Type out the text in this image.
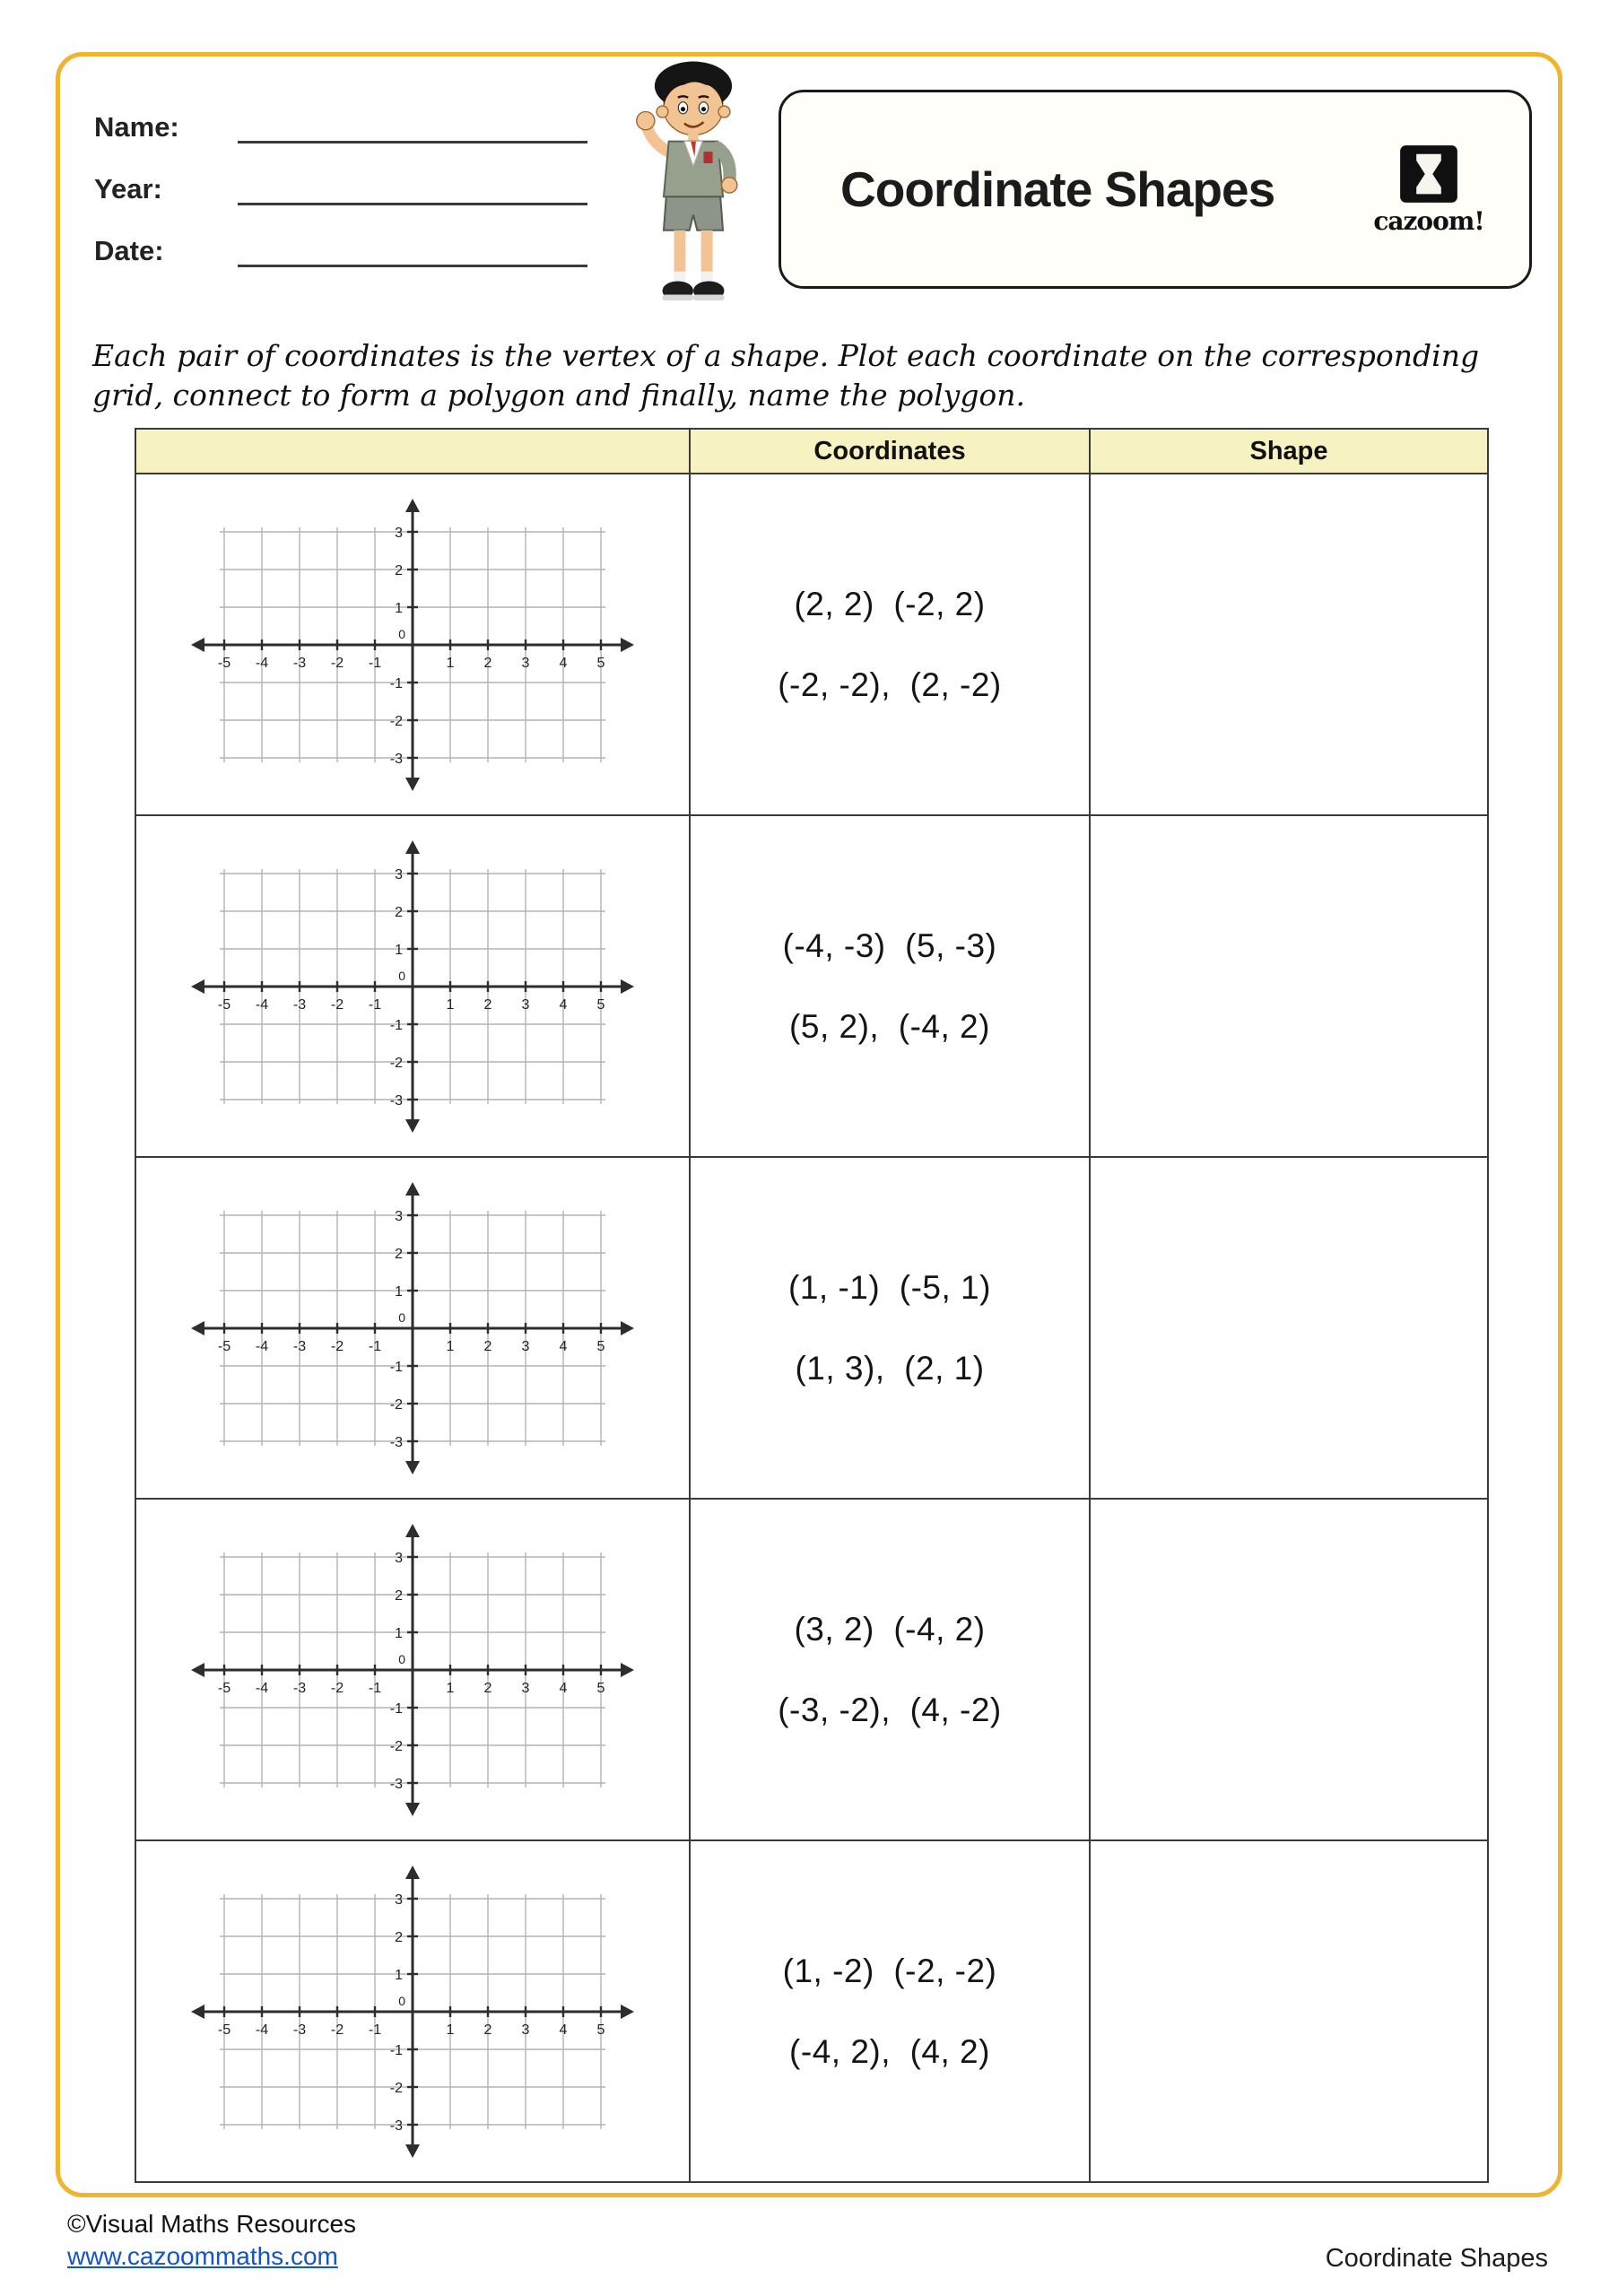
Name:
Year:
Date:
Coordinate Shapes
cazoom!

Each pair of coordinates is the vertex of a shape. Plot each coordinate on the corresponding grid, connect to form a polygon and finally, name the polygon.

	Coordinates	Shape

-5 -4 -3 -2 -1	1 2 3 4 5
-3
-2
-1
1
2
3
0

(2, 2)  (-2, 2)
(-2, -2),  (2, -2)

-5 -4 -3 -2 -1	1 2 3 4 5
-3
-2
-1
1
2
3
0

(-4, -3)  (5, -3)
(5, 2),  (-4, 2)

-5 -4 -3 -2 -1	1 2 3 4 5
-3
-2
-1
1
2
3
0

(1, -1)  (-5, 1)
(1, 3),  (2, 1)

-5 -4 -3 -2 -1	1 2 3 4 5
-3
-2
-1
1
2
3
0

(3, 2)  (-4, 2)
(-3, -2),  (4, -2)

-5 -4 -3 -2 -1	1 2 3 4 5
-3
-2
-1
1
2
3
0

(1, -2)  (-2, -2)
(-4, 2),  (4, 2)

©Visual Maths Resources
www.cazoommaths.com	Coordinate Shapes
